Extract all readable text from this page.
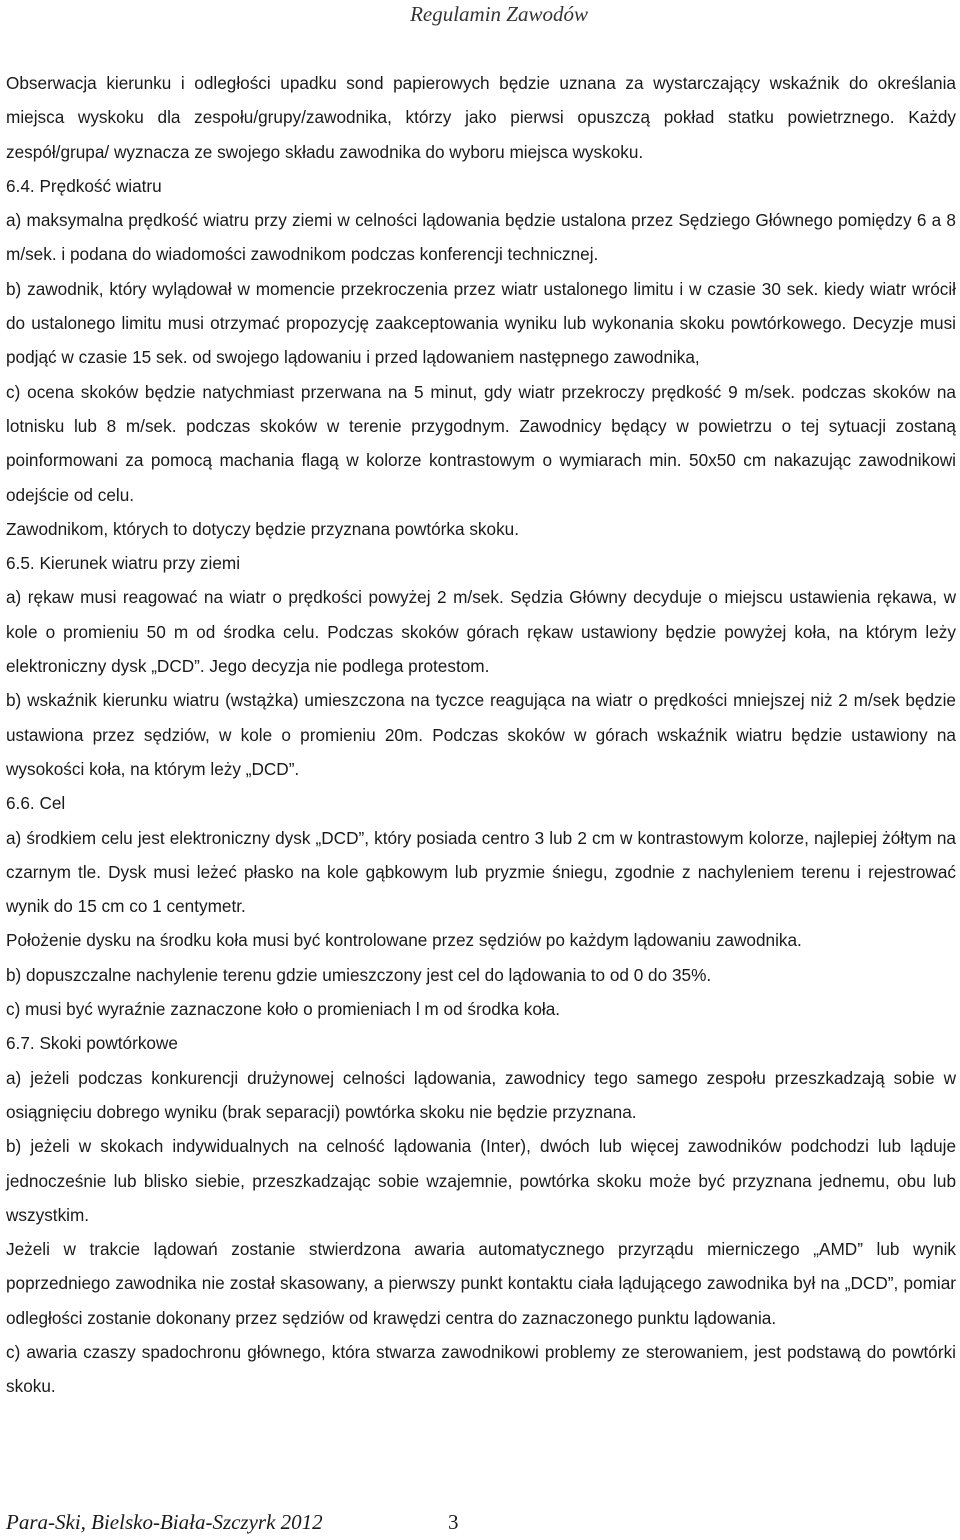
Regulamin Zawodów

Obserwacja kierunku i odległości upadku sond papierowych będzie uznana za wystarczający wskaźnik do określania miejsca wyskoku dla zespołu/grupy/zawodnika, którzy jako pierwsi opuszczą pokład statku powietrznego. Każdy zespół/grupa/ wyznacza ze swojego składu zawodnika do wyboru miejsca wyskoku.

6.4. Prędkość wiatru

a) maksymalna prędkość wiatru przy ziemi w celności lądowania będzie ustalona przez Sędziego Głównego pomiędzy 6 a 8 m/sek. i podana do wiadomości zawodnikom podczas konferencji technicznej.

b) zawodnik, który wylądował w momencie przekroczenia przez wiatr ustalonego limitu i w czasie 30 sek. kiedy wiatr wrócił do ustalonego limitu musi otrzymać propozycję zaakceptowania wyniku lub wykonania skoku powtórkowego. Decyzje musi podjąć w czasie 15 sek. od swojego lądowaniu i przed lądowaniem następnego zawodnika,

c) ocena skoków będzie natychmiast przerwana na 5 minut, gdy wiatr przekroczy prędkość 9 m/sek. podczas skoków na lotnisku lub 8 m/sek. podczas skoków w terenie przygodnym. Zawodnicy będący w powietrzu o tej sytuacji zostaną poinformowani za pomocą machania flagą w kolorze kontrastowym o wymiarach min. 50x50 cm nakazując zawodnikowi odejście od celu.

Zawodnikom, których to dotyczy będzie przyznana powtórka skoku.

6.5. Kierunek wiatru przy ziemi

a) rękaw musi reagować na wiatr o prędkości powyżej 2 m/sek. Sędzia Główny decyduje o miejscu ustawienia rękawa, w kole o promieniu 50 m od środka celu. Podczas skoków górach rękaw ustawiony będzie powyżej koła, na którym leży elektroniczny dysk „DCD”. Jego decyzja nie podlega protestom.

b) wskaźnik kierunku wiatru (wstążka) umieszczona na tyczce reagująca na wiatr o prędkości mniejszej niż 2 m/sek będzie ustawiona przez sędziów, w kole o promieniu 20m. Podczas skoków w górach wskaźnik wiatru będzie ustawiony na wysokości koła, na którym leży „DCD”.

6.6. Cel

a) środkiem celu jest elektroniczny dysk „DCD”, który posiada centro 3 lub 2 cm w kontrastowym kolorze, najlepiej żółtym na czarnym tle. Dysk musi leżeć płasko na kole gąbkowym lub pryzmie śniegu, zgodnie z nachyleniem terenu i rejestrować wynik do 15 cm co 1 centymetr.

Położenie dysku na środku koła musi być kontrolowane przez sędziów po każdym lądowaniu zawodnika.

b) dopuszczalne nachylenie terenu gdzie umieszczony jest cel do lądowania to od 0 do 35%.

c) musi być wyraźnie zaznaczone koło o promieniach l m od środka koła.

6.7. Skoki powtórkowe

a) jeżeli podczas konkurencji drużynowej celności lądowania, zawodnicy tego samego zespołu przeszkadzają sobie w osiągnięciu dobrego wyniku (brak separacji) powtórka skoku nie będzie przyznana.

b) jeżeli w skokach indywidualnych na celność lądowania (Inter), dwóch lub więcej zawodników podchodzi lub ląduje jednocześnie lub blisko siebie, przeszkadzając sobie wzajemnie, powtórka skoku może być przyznana jednemu, obu lub wszystkim.

Jeżeli w trakcie lądowań zostanie stwierdzona awaria automatycznego przyrządu mierniczego „AMD” lub wynik poprzedniego zawodnika nie został skasowany, a pierwszy punkt kontaktu ciała lądującego zawodnika był na „DCD”, pomiar odległości zostanie dokonany przez sędziów od krawędzi centra do zaznaczonego punktu lądowania.

c) awaria czaszy spadochronu głównego, która stwarza zawodnikowi problemy ze sterowaniem, jest podstawą do powtórki skoku.

Para-Ski, Bielsko-Biała-Szczyrk 2012	3
